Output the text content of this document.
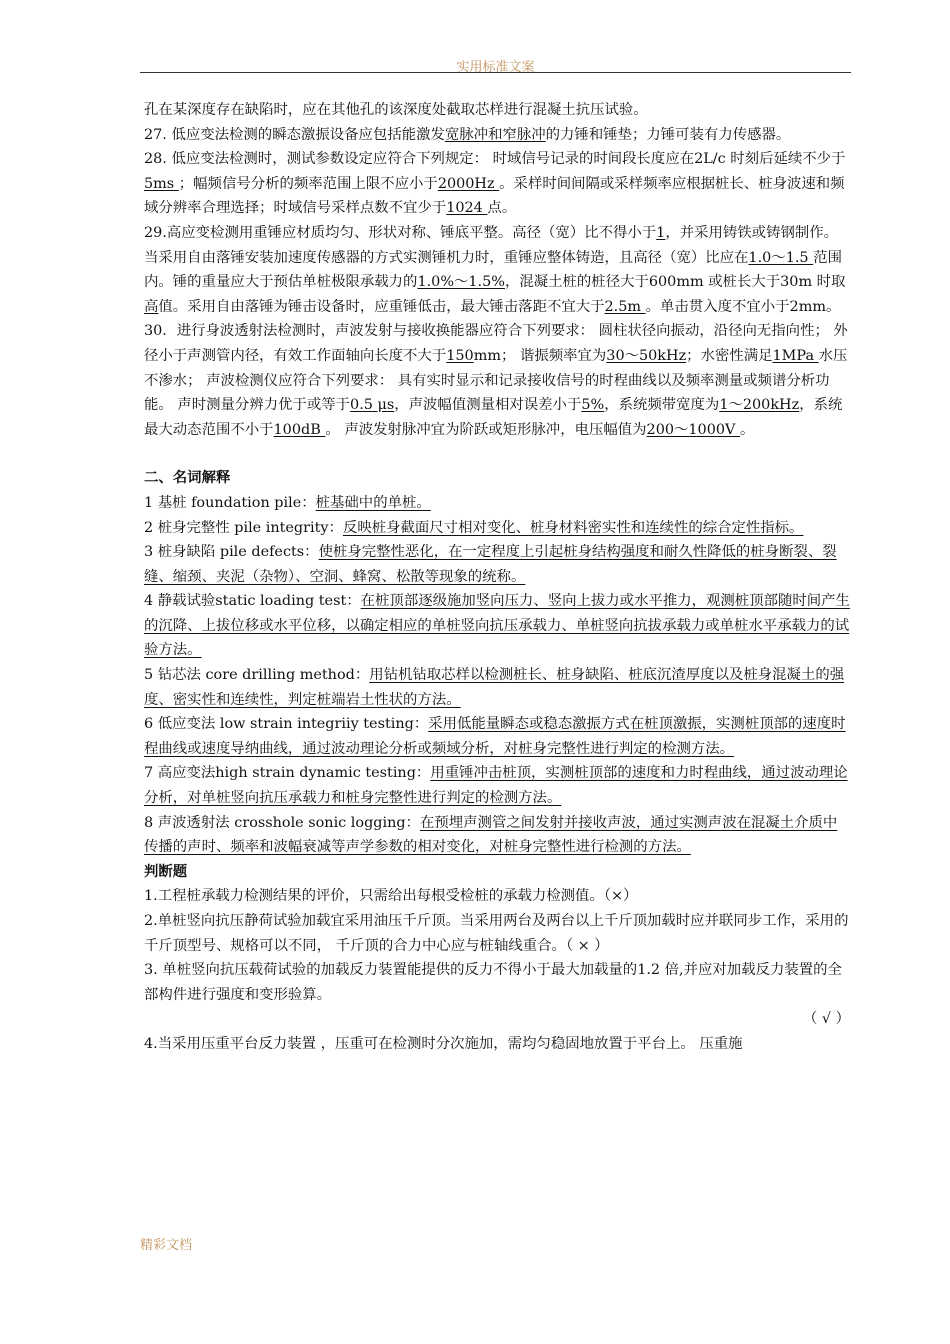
实用标准文案

孔在某深度存在缺陷时，应在其他孔的该深度处截取芯样进行混凝土抗压试验。

27. 低应变法检测的瞬态激振设备应包括能激发宽脉冲和窄脉冲的力锤和锤垫；力锤可装有力传感器。

28. 低应变法检测时，测试参数设定应符合下列规定： 时域信号记录的时间段长度应在2L/c 时刻后延续不少于5ms ；幅频信号分析的频率范围上限不应小于2000Hz 。采样时间间隔或采样频率应根据桩长、桩身波速和频域分辨率合理选择；时域信号采样点数不宜少于1024 点。

29.高应变检测用重锤应材质均匀、形状对称、锤底平整。高径（宽）比不得小于1，并采用铸铁或铸钢制作。当采用自由落锤安装加速度传感器的方式实测锤机力时，重锤应整体铸造，且高径（宽）比应在1.0～1.5 范围内。锤的重量应大于预估单桩极限承载力的1.0%～1.5%，混凝土桩的桩径大于600mm 或桩长大于30m 时取高值。采用自由落锤为锤击设备时，应重锤低击，最大锤击落距不宜大于2.5m 。单击贯入度不宜小于2mm。

30．进行身波透射法检测时，声波发射与接收换能器应符合下列要求： 圆柱状径向振动，沿径向无指向性； 外径小于声测管内径，有效工作面轴向长度不大于150mm； 谐振频率宜为30～50kHz；水密性满足1MPa 水压不渗水； 声波检测仪应符合下列要求： 具有实时显示和记录接收信号的时程曲线以及频率测量或频谱分析功能。 声时测量分辨力优于或等于0.5 μs，声波幅值测量相对误差小于5%，系统频带宽度为1～200kHz，系统最大动态范围不小于100dB 。 声波发射脉冲宜为阶跃或矩形脉冲，电压幅值为200～1000V 。

二、名词解释

1 基桩 foundation pile：桩基础中的单桩。

2 桩身完整性 pile integrity：反映桩身截面尺寸相对变化、桩身材料密实性和连续性的综合定性指标。

3 桩身缺陷 pile defects：使桩身完整性恶化，在一定程度上引起桩身结构强度和耐久性降低的桩身断裂、裂缝、缩颈、夹泥（杂物）、空洞、蜂窝、松散等现象的统称。

4 静载试验static loading test：在桩顶部逐级施加竖向压力、竖向上拔力或水平推力，观测桩顶部随时间产生的沉降、上拔位移或水平位移，以确定相应的单桩竖向抗压承载力、单桩竖向抗拔承载力或单桩水平承载力的试验方法。

5 钻芯法 core drilling method：用钻机钻取芯样以检测桩长、桩身缺陷、桩底沉渣厚度以及桩身混凝土的强度、密实性和连续性，判定桩端岩土性状的方法。

6 低应变法 low strain integriiy testing：采用低能量瞬态或稳态激振方式在桩顶激振，实测桩顶部的速度时程曲线或速度导纳曲线，通过波动理论分析或频域分析，对桩身完整性进行判定的检测方法。

7 高应变法high strain dynamic testing：用重锤冲击桩顶，实测桩顶部的速度和力时程曲线，通过波动理论分析，对单桩竖向抗压承载力和桩身完整性进行判定的检测方法。

8 声波透射法 crosshole sonic logging：在预埋声测管之间发射并接收声波，通过实测声波在混凝土介质中传播的声时、频率和波幅衰减等声学参数的相对变化，对桩身完整性进行检测的方法。

判断题

1.工程桩承载力检测结果的评价，只需给出每根受检桩的承载力检测值。（×）

2.单桩竖向抗压静荷试验加载宜采用油压千斤顶。当采用两台及两台以上千斤顶加载时应并联同步工作，采用的千斤顶型号、规格可以不同， 千斤顶的合力中心应与桩轴线重合。（ × ）

3. 单桩竖向抗压载荷试验的加载反力装置能提供的反力不得小于最大加载量的1.2 倍,并应对加载反力装置的全部构件进行强度和变形验算。
（ √ ）

4.当采用压重平台反力装置 ，压重可在检测时分次施加，需均匀稳固地放置于平台上。 压重施

精彩文档
